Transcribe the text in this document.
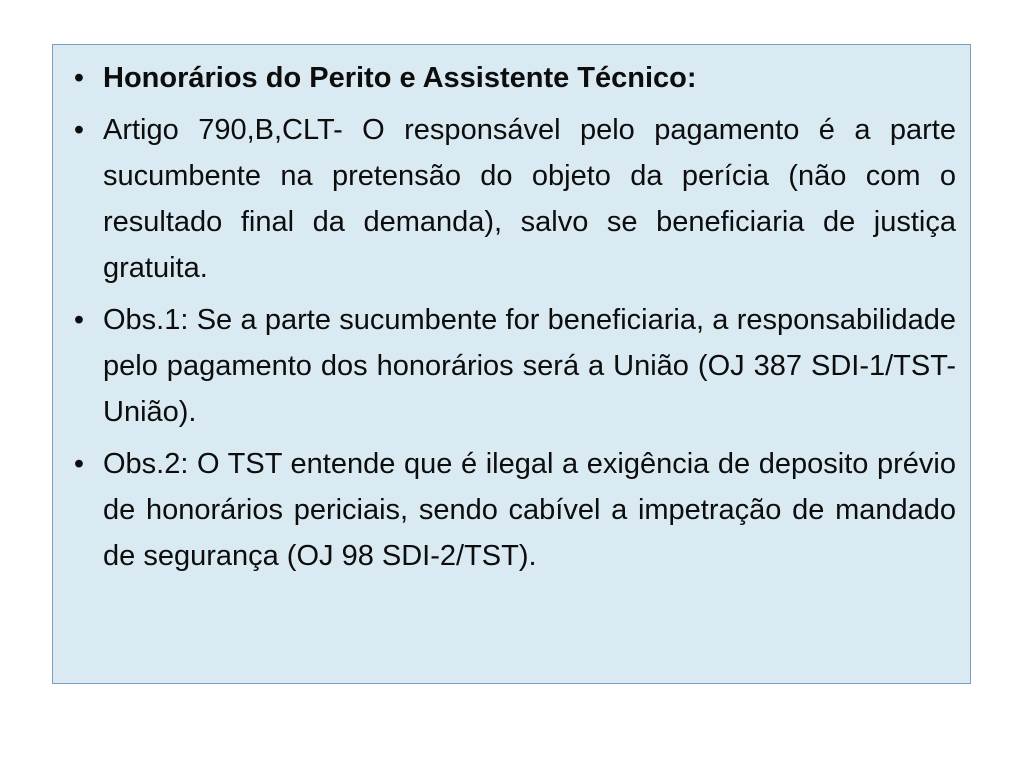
• Honorários do Perito e Assistente Técnico:
• Artigo 790,B,CLT- O responsável pelo pagamento é a parte sucumbente na pretensão do objeto da perícia (não com o resultado final da demanda), salvo se beneficiaria de justiça gratuita.
• Obs.1: Se a parte sucumbente for beneficiaria, a responsabilidade pelo pagamento dos honorários será a União (OJ 387 SDI-1/TST-União).
• Obs.2: O TST entende que é ilegal a exigência de deposito prévio de honorários periciais, sendo cabível a impetração de mandado de segurança (OJ 98 SDI-2/TST).
